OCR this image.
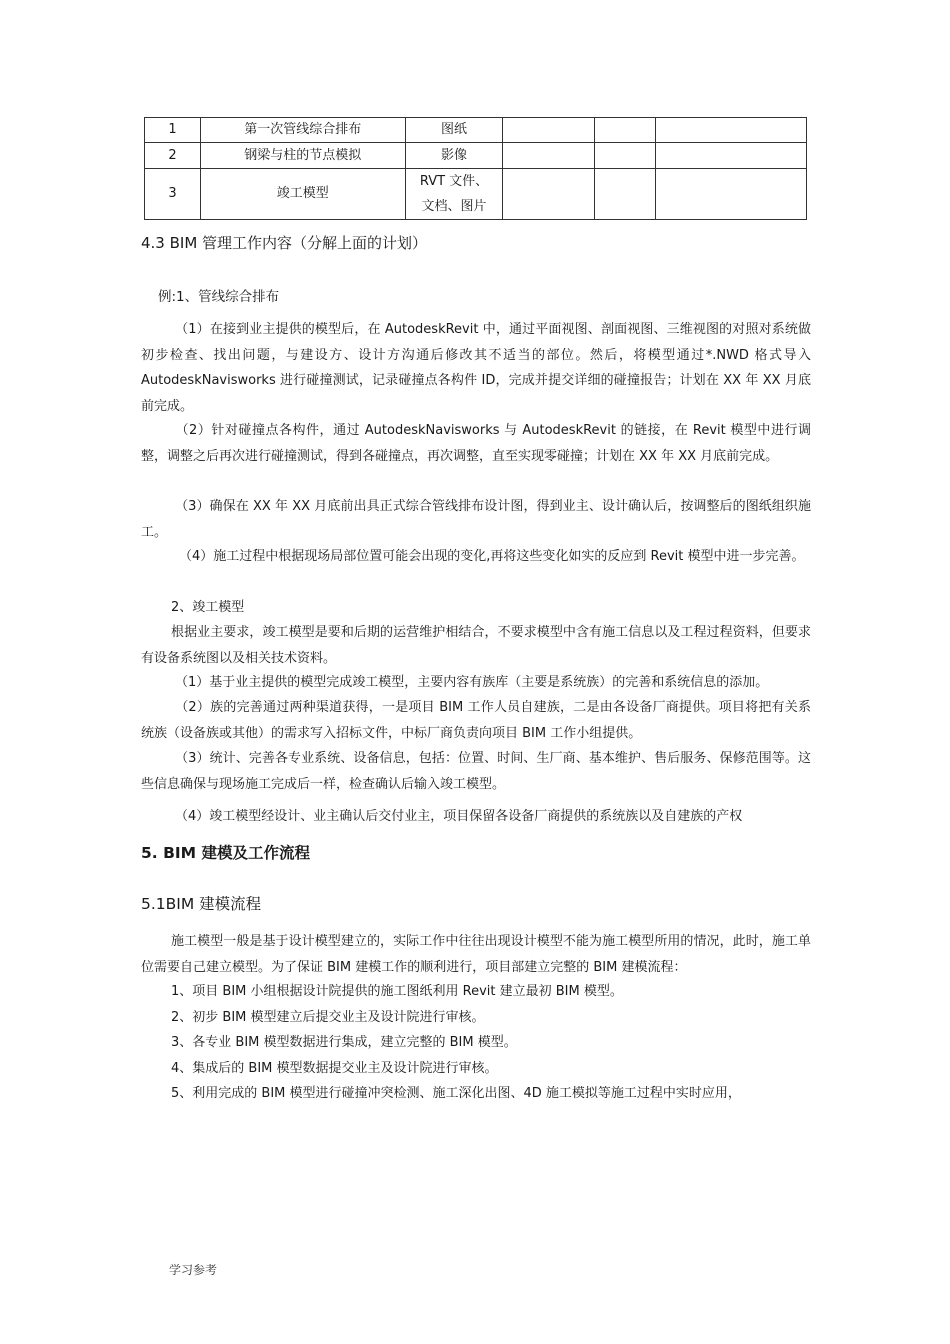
1	第一次管线综合排布	图纸			
2	钢梁与柱的节点模拟	影像			
3	竣工模型	RVT 文件、
文档、图片			
4.3 BIM 管理工作内容（分解上面的计划）
例:1、管线综合排布
（1）在接到业主提供的模型后，在 AutodeskRevit 中，通过平面视图、剖面视图、三维视图的对照对系统做初步检查、找出问题，与建设方、设计方沟通后修改其不适当的部位。然后，将模型通过*.NWD 格式导入 AutodeskNavisworks 进行碰撞测试，记录碰撞点各构件 ID，完成并提交详细的碰撞报告；计划在 XX 年 XX 月底前完成。
（2）针对碰撞点各构件，通过 AutodeskNavisworks 与 AutodeskRevit 的链接，在 Revit 模型中进行调整，调整之后再次进行碰撞测试，得到各碰撞点，再次调整，直至实现零碰撞；计划在 XX 年 XX 月底前完成。
（3）确保在 XX 年 XX 月底前出具正式综合管线排布设计图，得到业主、设计确认后，按调整后的图纸组织施工。
（4）施工过程中根据现场局部位置可能会出现的变化,再将这些变化如实的反应到 Revit 模型中进一步完善。
2、竣工模型
根据业主要求，竣工模型是要和后期的运营维护相结合，不要求模型中含有施工信息以及工程过程资料，但要求有设备系统图以及相关技术资料。
（1）基于业主提供的模型完成竣工模型，主要内容有族库（主要是系统族）的完善和系统信息的添加。
（2）族的完善通过两种渠道获得，一是项目 BIM 工作人员自建族，二是由各设备厂商提供。项目将把有关系统族（设备族或其他）的需求写入招标文件，中标厂商负责向项目 BIM 工作小组提供。
（3）统计、完善各专业系统、设备信息，包括：位置、时间、生厂商、基本维护、售后服务、保修范围等。这些信息确保与现场施工完成后一样，检查确认后输入竣工模型。
（4）竣工模型经设计、业主确认后交付业主，项目保留各设备厂商提供的系统族以及自建族的产权
5. BIM 建模及工作流程
5.1BIM 建模流程
施工模型一般是基于设计模型建立的，实际工作中往往出现设计模型不能为施工模型所用的情况，此时，施工单位需要自己建立模型。为了保证 BIM 建模工作的顺利进行，项目部建立完整的 BIM 建模流程：
1、项目 BIM 小组根据设计院提供的施工图纸利用 Revit 建立最初 BIM 模型。
2、初步 BIM 模型建立后提交业主及设计院进行审核。
3、各专业 BIM 模型数据进行集成，建立完整的 BIM 模型。
4、集成后的 BIM 模型数据提交业主及设计院进行审核。
5、利用完成的 BIM 模型进行碰撞冲突检测、施工深化出图、4D 施工模拟等施工过程中实时应用，
学习参考
